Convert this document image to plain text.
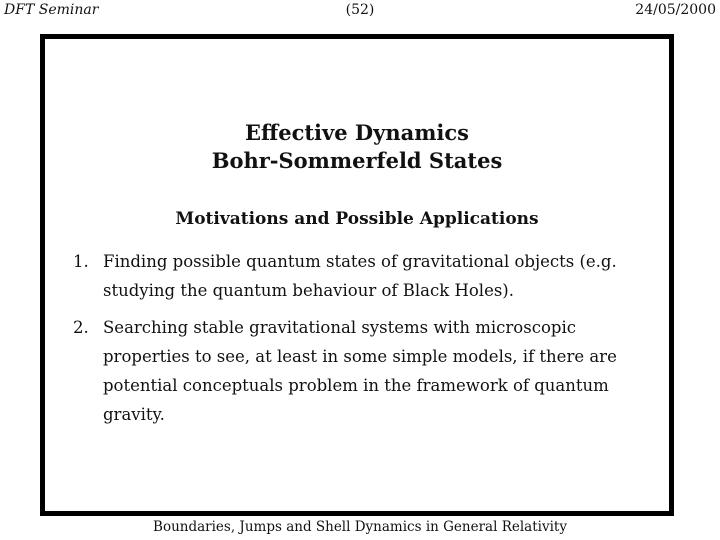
DFT Seminar	(52)	24/05/2000
Effective Dynamics
Bohr-Sommerfeld States
Motivations and Possible Applications
1. Finding possible quantum states of gravitational objects (e.g. studying the quantum behaviour of Black Holes).
2. Searching stable gravitational systems with microscopic properties to see, at least in some simple models, if there are potential conceptuals problem in the framework of quantum gravity.
Boundaries, Jumps and Shell Dynamics in General Relativity
